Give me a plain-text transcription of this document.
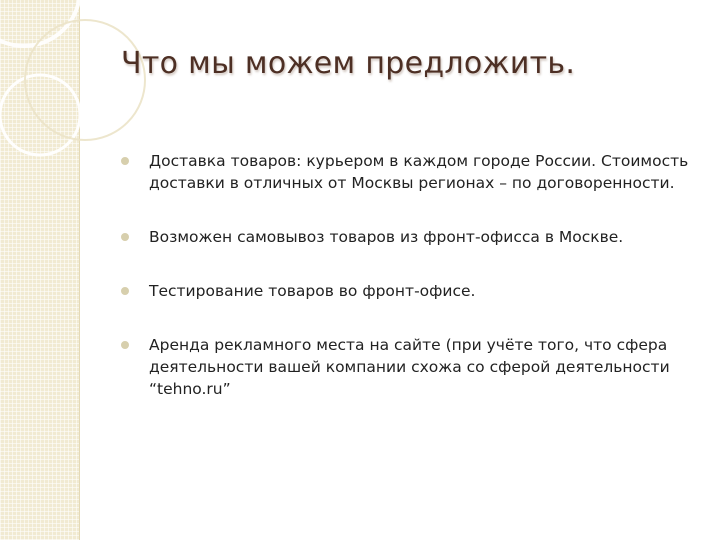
Что мы можем предложить.
Доставка товаров: курьером в каждом городе России. Стоимость доставки в отличных от Москвы регионах – по договоренности.
Возможен самовывоз товаров из фронт-офисса в Москве.
Тестирование товаров во фронт-офисе.
Аренда рекламного места на сайте (при учёте того, что сфера деятельности вашей компании схожа со сферой деятельности “tehno.ru”
